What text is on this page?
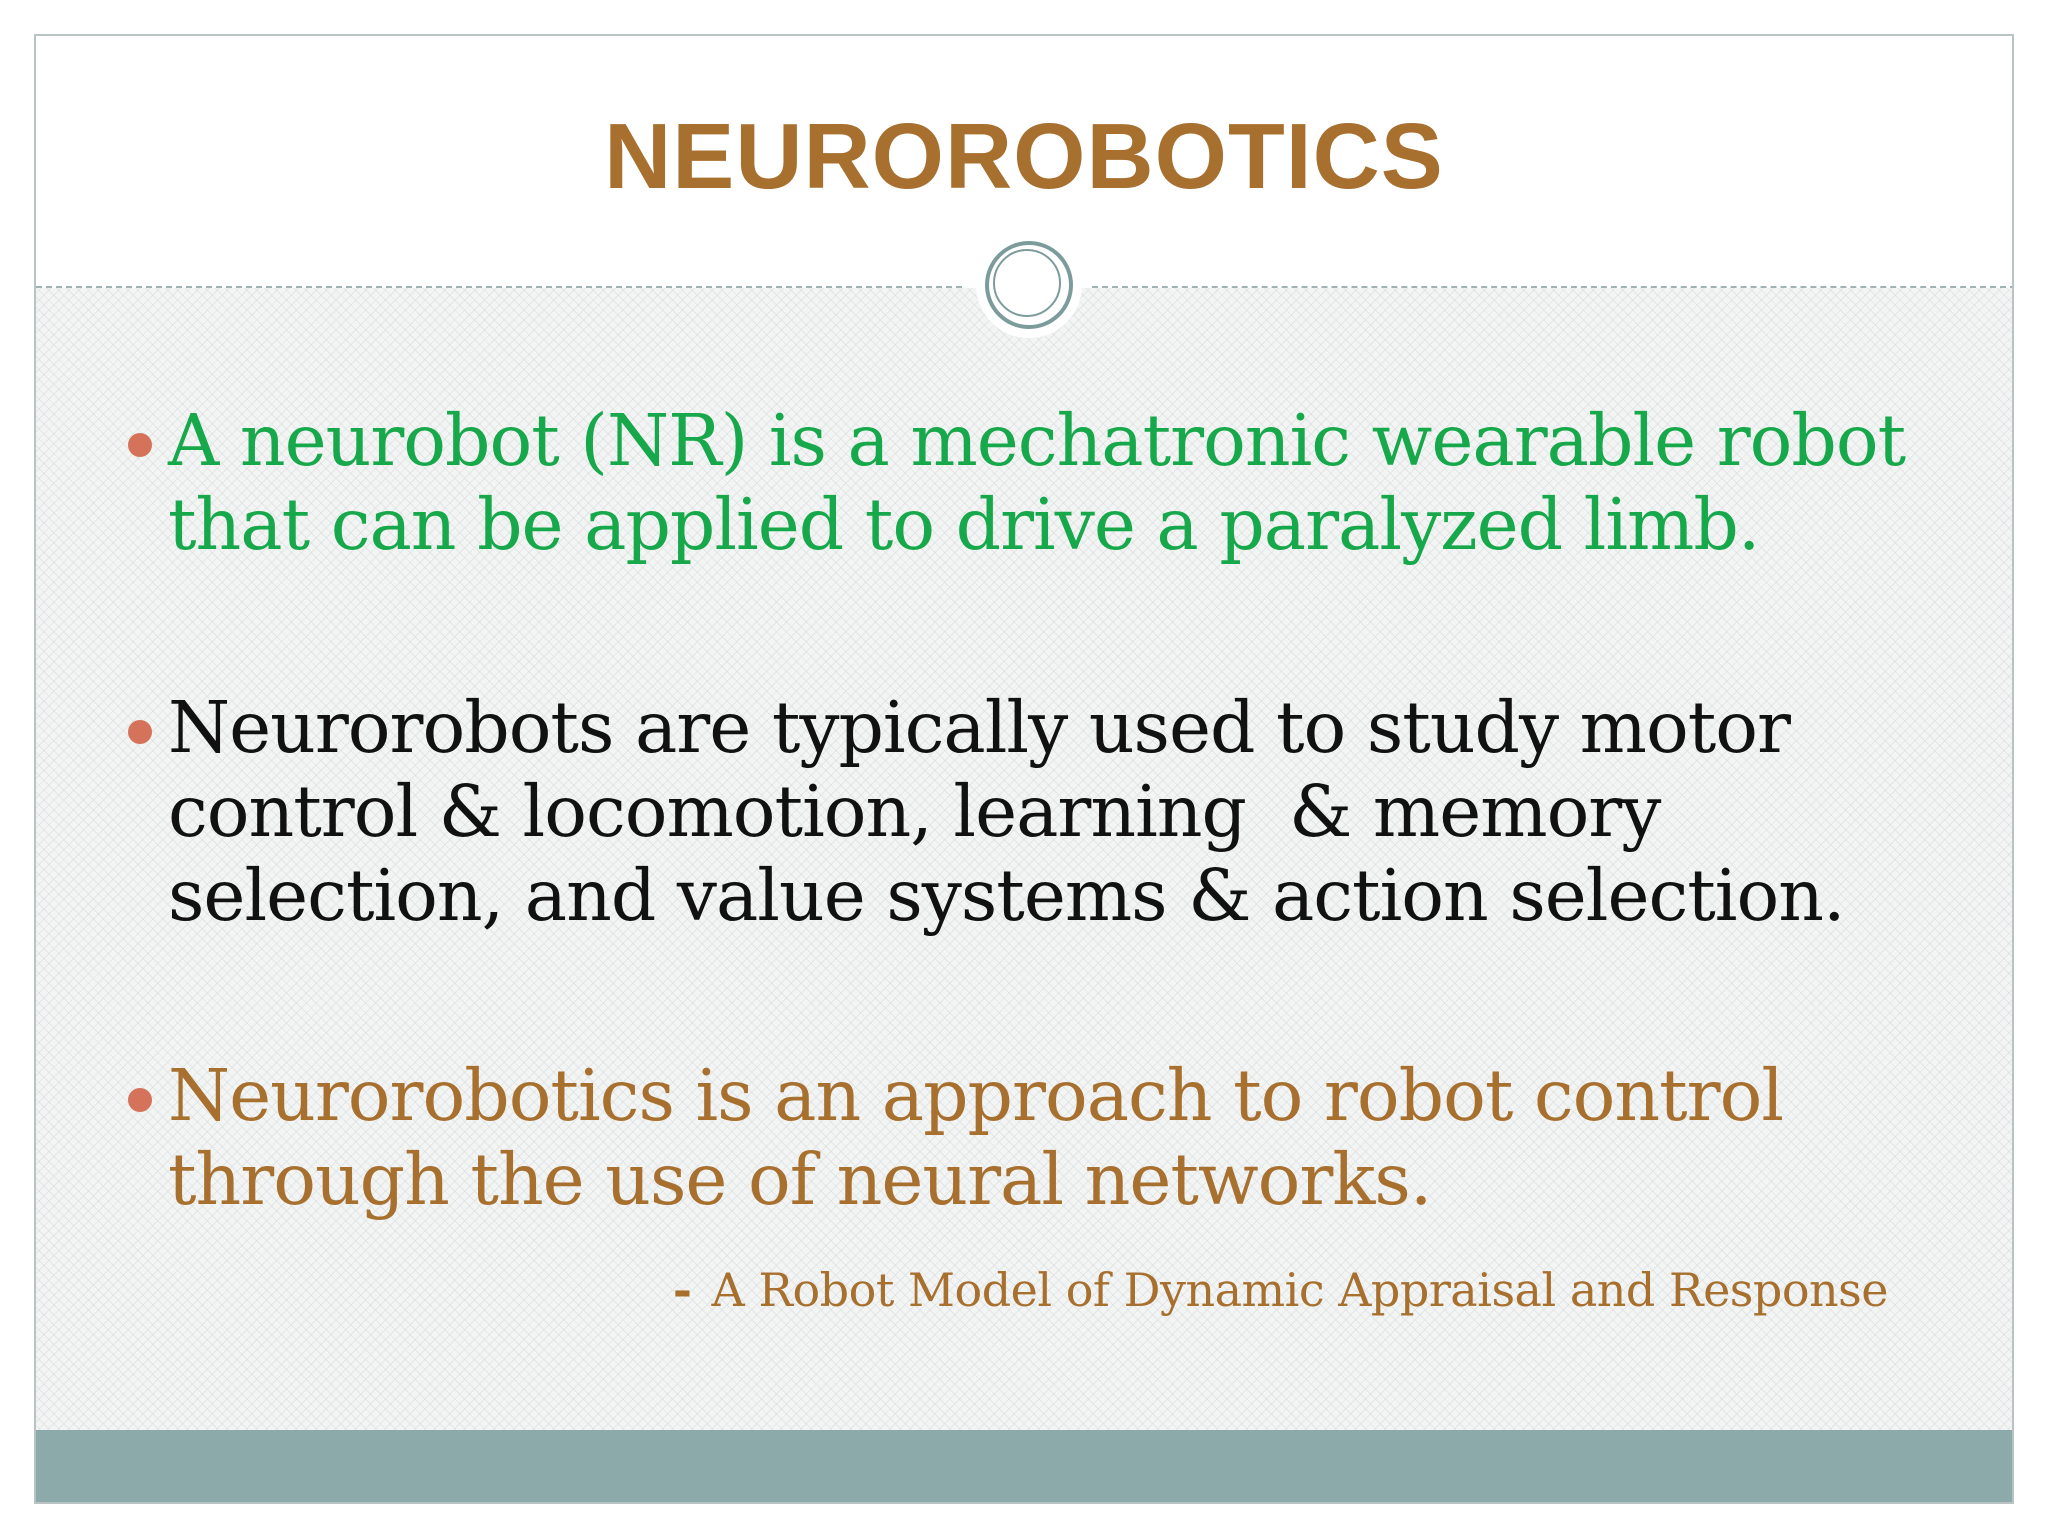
NEUROROBOTICS
A neurobot (NR) is a mechatronic wearable robot
that can be applied to drive a paralyzed limb.
Neurorobots are typically used to study motor
control & locomotion, learning  & memory
selection, and value systems & action selection.
Neurorobotics is an approach to robot control
through the use of neural networks.
- A Robot Model of Dynamic Appraisal and Response
